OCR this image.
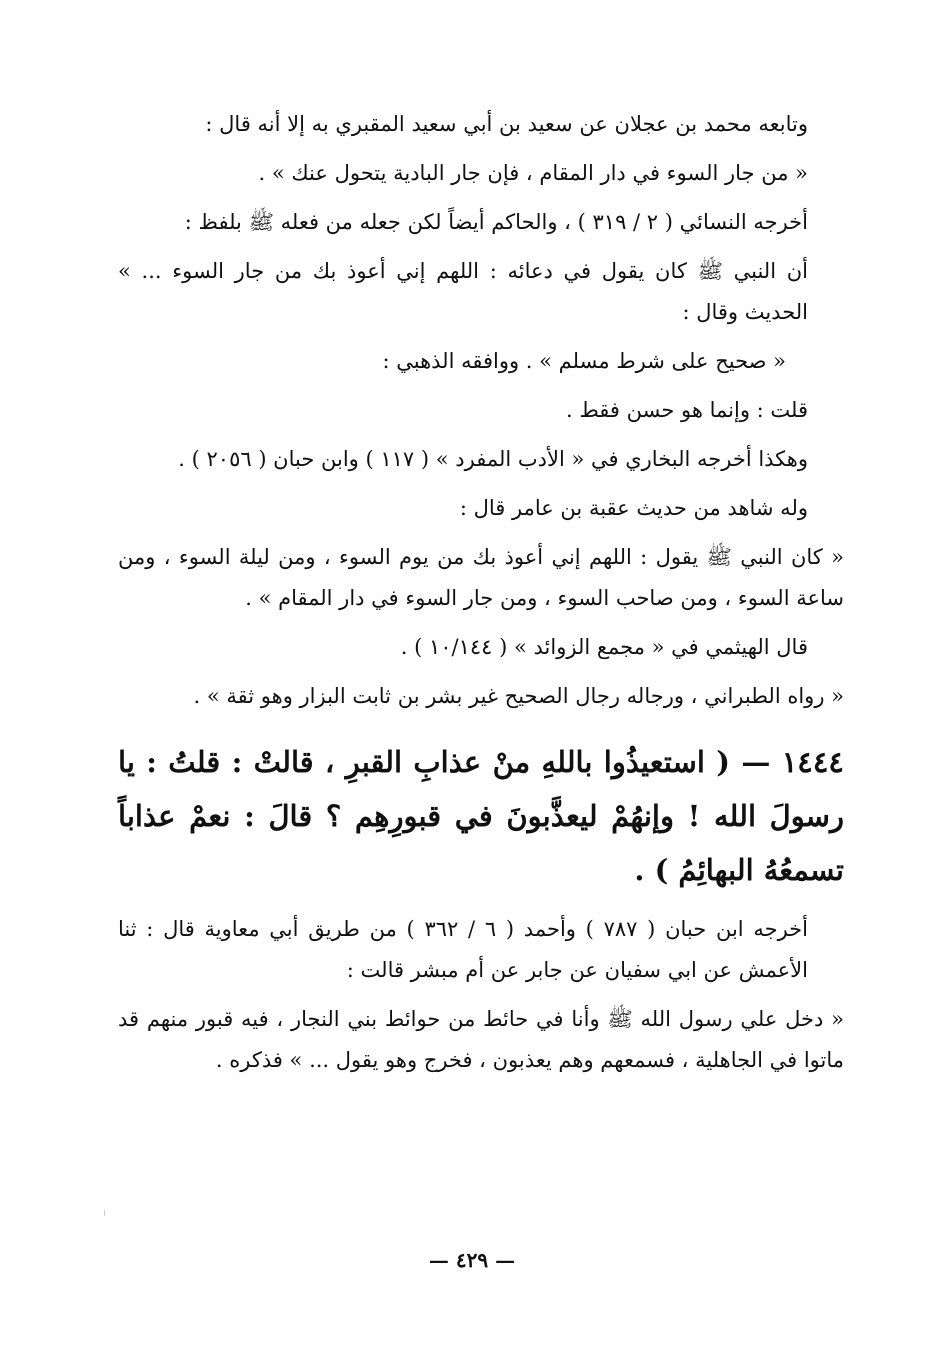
وتابعه محمد بن عجلان عن سعيد بن أبي سعيد المقبري به إلا أنه قال :

« من جار السوء في دار المقام ، فإن جار البادية يتحول عنك » .

أخرجه النسائي ( ٢ / ٣١٩ ) ، والحاكم أيضاً لكن جعله من فعله ﷺ بلفظ :

أن النبي ﷺ كان يقول في دعائه : اللهم إني أعوذ بك من جار السوء ... » الحديث وقال :

« صحيح على شرط مسلم » . ووافقه الذهبي :

قلت : وإنما هو حسن فقط .

وهكذا أخرجه البخاري في « الأدب المفرد » ( ١١٧ ) وابن حبان ( ٢٠٥٦ ) .

وله شاهد من حديث عقبة بن عامر قال :

« كان النبي ﷺ يقول : اللهم إني أعوذ بك من يوم السوء ، ومن ليلة السوء ، ومن ساعة السوء ، ومن صاحب السوء ، ومن جار السوء في دار المقام » .

قال الهيثمي في « مجمع الزوائد » ( ١٠/١٤٤ ) .

« رواه الطبراني ، ورجاله رجال الصحيح غير بشر بن ثابت البزار وهو ثقة » .

١٤٤٤ — ( استعيذُوا باللهِ منْ عذابِ القبرِ ، قالتْ : قلتُ : يا رسولَ الله ! وإنهُمْ ليعذَّبونَ في قبورِهِم ؟ قالَ : نعمْ عذاباً تسمعُهُ البهائِمُ ) .

أخرجه ابن حبان ( ٧٨٧ ) وأحمد ( ٦ / ٣٦٢ ) من طريق أبي معاوية قال : ثنا الأعمش عن ابي سفيان عن جابر عن أم مبشر قالت :

« دخل علي رسول الله ﷺ وأنا في حائط من حوائط بني النجار ، فيه قبور منهم قد ماتوا في الجاهلية ، فسمعهم وهم يعذبون ، فخرج وهو يقول ... » فذكره .

— ٤٢٩ —
